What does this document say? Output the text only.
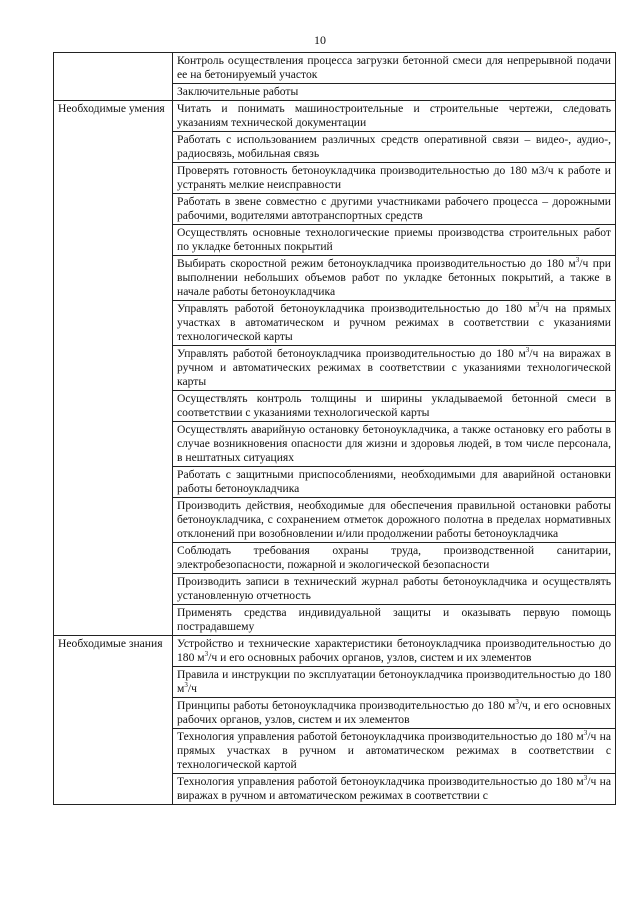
10
	Контроль осуществления процесса загрузки бетонной смеси для непрерывной подачи ее на бетонируемый участок
	Заключительные работы
Необходимые умения	Читать и понимать машиностроительные и строительные чертежи, следовать указаниям технической документации
	Работать с использованием различных средств оперативной связи – видео-, аудио-, радиосвязь, мобильная связь
	Проверять готовность бетоноукладчика производительностью до 180 м3/ч к работе и устранять мелкие неисправности
	Работать в звене совместно с другими участниками рабочего процесса – дорожными рабочими, водителями автотранспортных средств
	Осуществлять основные технологические приемы производства строительных работ по укладке бетонных покрытий
	Выбирать скоростной режим бетоноукладчика производительностью до 180 $м^3/ч$ при выполнении небольших объемов работ по укладке бетонных покрытий, а также в начале работы бетоноукладчика
	Управлять работой бетоноукладчика производительностью до 180 $м^3/ч$ на прямых участках в автоматическом и ручном режимах в соответствии с указаниями технологической карты
	Управлять работой бетоноукладчика производительностью до 180 $м^3/ч$ на виражах в ручном и автоматических режимах в соответствии с указаниями технологической карты
	Осуществлять контроль толщины и ширины укладываемой бетонной смеси в соответствии с указаниями технологической карты
	Осуществлять аварийную остановку бетоноукладчика, а также остановку его работы в случае возникновения опасности для жизни и здоровья людей, в том числе персонала, в нештатных ситуациях
	Работать с защитными приспособлениями, необходимыми для аварийной остановки работы бетоноукладчика
	Производить действия, необходимые для обеспечения правильной остановки работы бетоноукладчика, с сохранением отметок дорожного полотна в пределах нормативных отклонений при возобновлении и/или продолжении работы бетоноукладчика
	Соблюдать требования охраны труда, производственной санитарии, электробезопасности, пожарной и экологической безопасности
	Производить записи в технический журнал работы бетоноукладчика и осуществлять установленную отчетность
	Применять средства индивидуальной защиты и оказывать первую помощь пострадавшему
Необходимые знания	Устройство и технические характеристики бетоноукладчика производительностью до 180 $м^3/ч$ и его основных рабочих органов, узлов, систем и их элементов
	Правила и инструкции по эксплуатации бетоноукладчика производительностью до 180 $м^3/ч$
	Принципы работы бетоноукладчика производительностью до 180 $м^3/ч$, и его основных рабочих органов, узлов, систем и их элементов
	Технология управления работой бетоноукладчика производительностью до 180 $м^3/ч$ на прямых участках в ручном и автоматическом режимах в соответствии с технологической картой
	Технология управления работой бетоноукладчика производительностью до 180 $м^3/ч$ на виражах в ручном и автоматическом режимах в соответствии с
